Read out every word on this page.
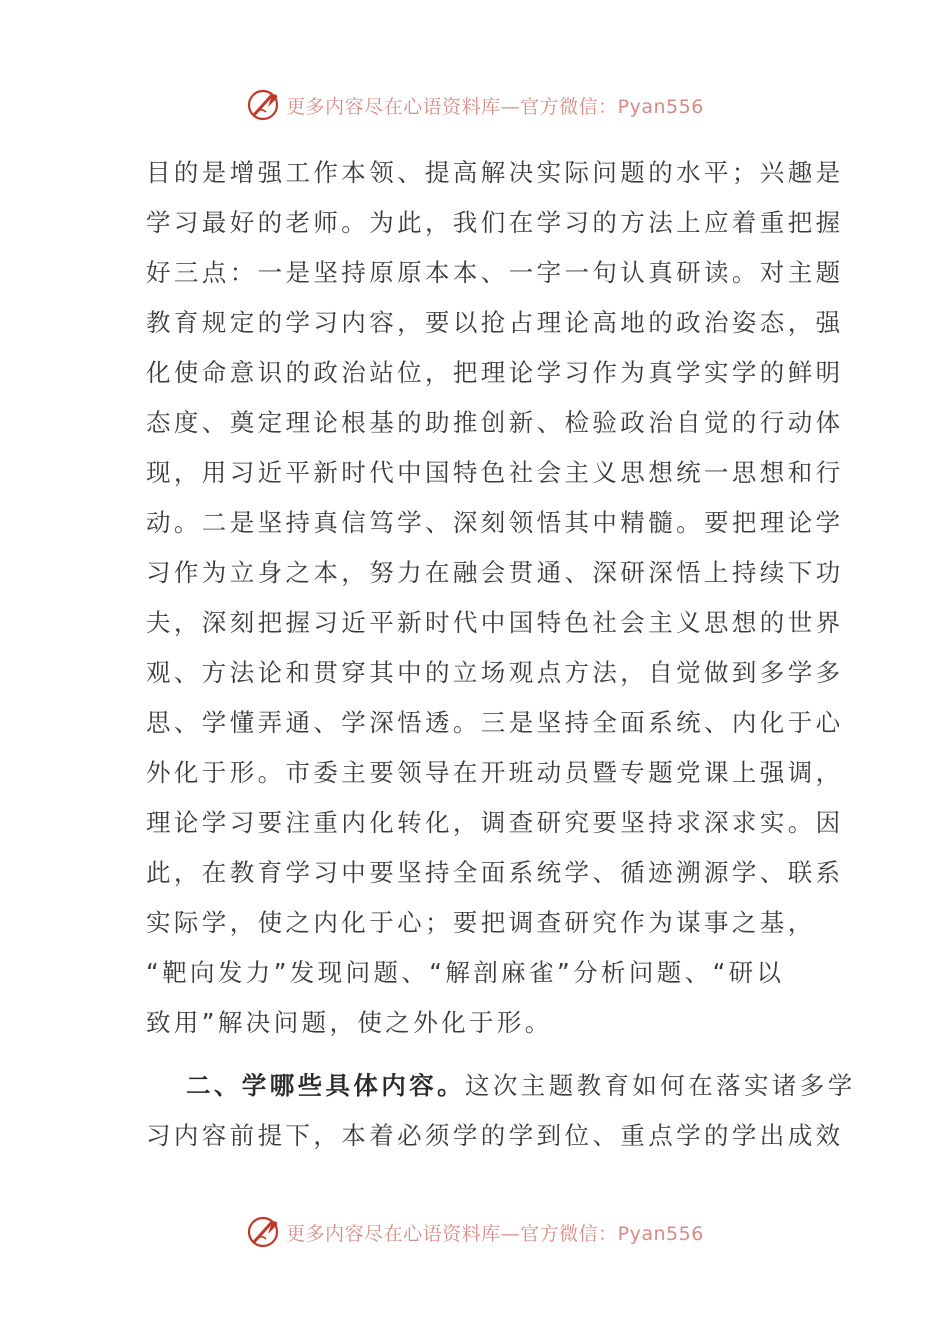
更多内容尽在心语资料库—官方微信：Pyan556
目的是增强工作本领、提高解决实际问题的水平；兴趣是
学习最好的老师。为此，我们在学习的方法上应着重把握
好三点：一是坚持原原本本、一字一句认真研读。对主题
教育规定的学习内容，要以抢占理论高地的政治姿态，强
化使命意识的政治站位，把理论学习作为真学实学的鲜明
态度、奠定理论根基的助推创新、检验政治自觉的行动体
现，用习近平新时代中国特色社会主义思想统一思想和行
动。二是坚持真信笃学、深刻领悟其中精髓。要把理论学
习作为立身之本，努力在融会贯通、深研深悟上持续下功
夫，深刻把握习近平新时代中国特色社会主义思想的世界
观、方法论和贯穿其中的立场观点方法，自觉做到多学多
思、学懂弄通、学深悟透。三是坚持全面系统、内化于心
外化于形。市委主要领导在开班动员暨专题党课上强调，
理论学习要注重内化转化，调查研究要坚持求深求实。因
此，在教育学习中要坚持全面系统学、循迹溯源学、联系
实际学，使之内化于心；要把调查研究作为谋事之基，
“靶向发力”发现问题、“解剖麻雀”分析问题、“研以
致用”解决问题，使之外化于形。
二、学哪些具体内容。这次主题教育如何在落实诸多学
习内容前提下，本着必须学的学到位、重点学的学出成效
更多内容尽在心语资料库—官方微信：Pyan556
